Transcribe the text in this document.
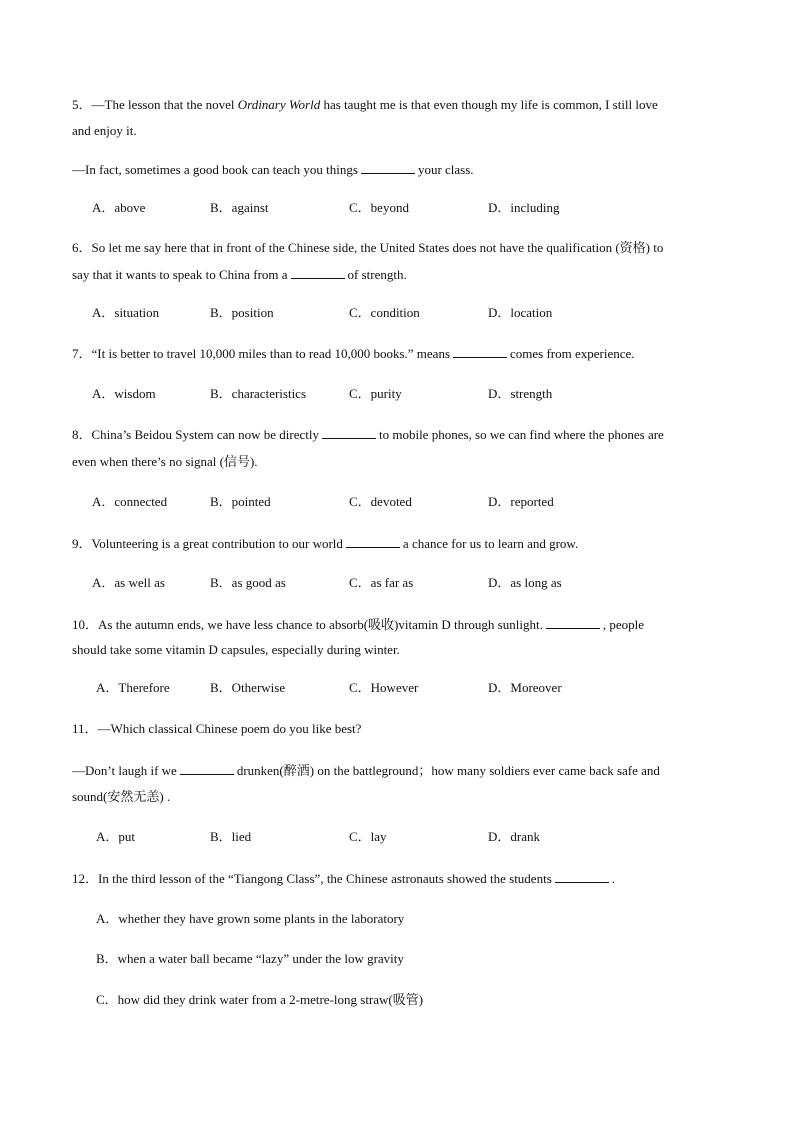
5．—The lesson that the novel Ordinary World has taught me is that even though my life is common, I still love
and enjoy it.
—In fact, sometimes a good book can teach you things	your class.
A．above	B．against	C．beyond	D．including
6．So let me say here that in front of the Chinese side, the United States does not have the qualification (资格) to
say that it wants to speak to China from a	of strength.
A．situation	B．position	C．condition	D．location
7．“It is better to travel 10,000 miles than to read 10,000 books.” means	comes from experience.
A．wisdom	B．characteristics	C．purity	D．strength
8．China’s Beidou System can now be directly	to mobile phones, so we can find where the phones are
even when there’s no signal (信号).
A．connected	B．pointed	C．devoted	D．reported
9．Volunteering is a great contribution to our world	a chance for us to learn and grow.
A．as well as	B．as good as	C．as far as	D．as long as
10．As the autumn ends, we have less chance to absorb(吸收)vitamin D through sunlight.	, people
should take some vitamin D capsules, especially during winter.
A．Therefore	B．Otherwise	C．However	D．Moreover
11．—Which classical Chinese poem do you like best?
—Don’t laugh if we	drunken(醉酒) on the battleground；how many soldiers ever came back safe and
sound(安然无恙) .
A．put	B．lied	C．lay	D．drank
12．In the third lesson of the “Tiangong Class”, the Chinese astronauts showed the students	.
A．whether they have grown some plants in the laboratory
B．when a water ball became “lazy” under the low gravity
C．how did they drink water from a 2-metre-long straw(吸管)
